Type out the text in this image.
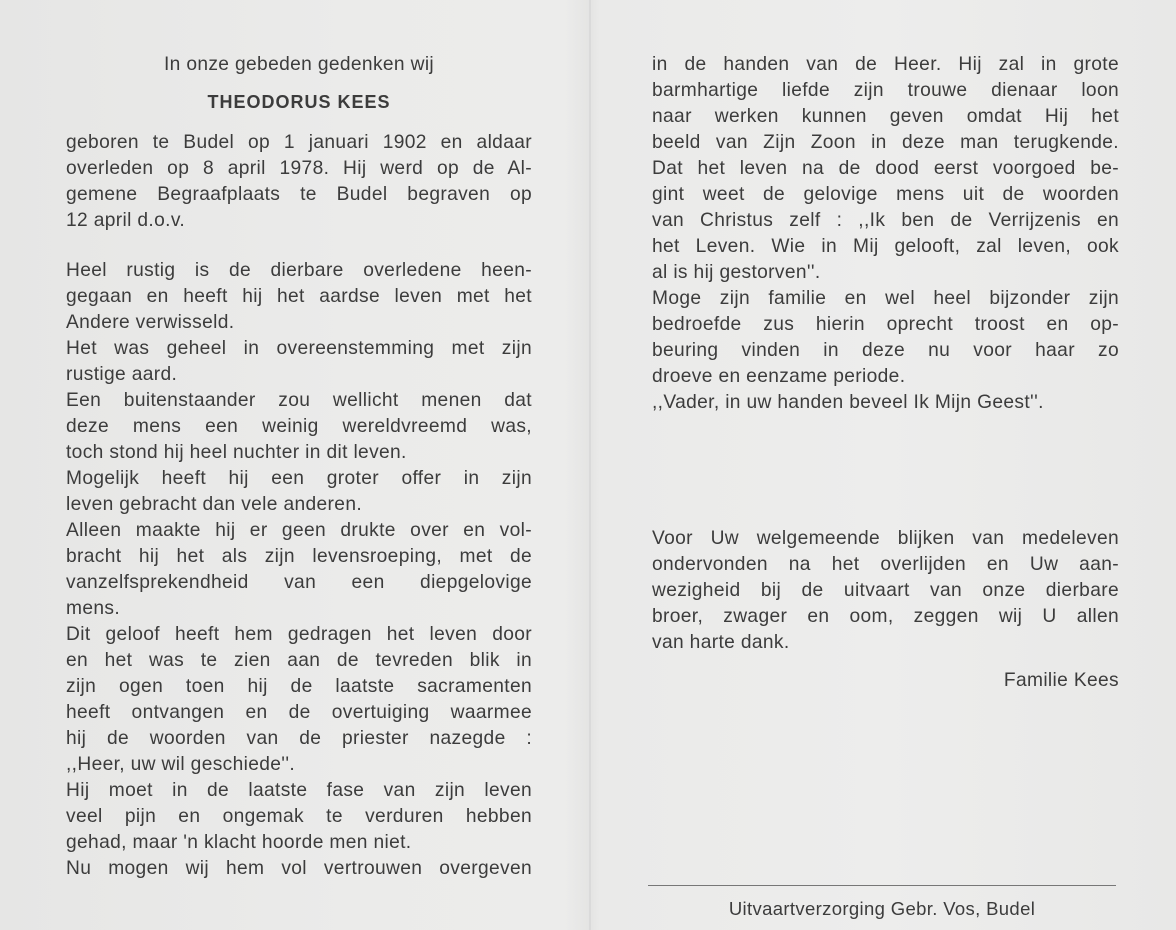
In onze gebeden gedenken wij
THEODORUS KEES
geboren te Budel op 1 januari 1902 en aldaar
overleden op 8 april 1978. Hij werd op de Al-
gemene Begraafplaats te Budel begraven op
12 april d.o.v.
Heel rustig is de dierbare overledene heen-
gegaan en heeft hij het aardse leven met het
Andere verwisseld.
Het was geheel in overeenstemming met zijn
rustige aard.
Een buitenstaander zou wellicht menen dat
deze mens een weinig wereldvreemd was,
toch stond hij heel nuchter in dit leven.
Mogelijk heeft hij een groter offer in zijn
leven gebracht dan vele anderen.
Alleen maakte hij er geen drukte over en vol-
bracht hij het als zijn levensroeping, met de
vanzelfsprekendheid van een diepgelovige
mens.
Dit geloof heeft hem gedragen het leven door
en het was te zien aan de tevreden blik in
zijn ogen toen hij de laatste sacramenten
heeft ontvangen en de overtuiging waarmee
hij de woorden van de priester nazegde :
,,Heer, uw wil geschiede''.
Hij moet in de laatste fase van zijn leven
veel pijn en ongemak te verduren hebben
gehad, maar 'n klacht hoorde men niet.
Nu mogen wij hem vol vertrouwen overgeven
in de handen van de Heer. Hij zal in grote
barmhartige liefde zijn trouwe dienaar loon
naar werken kunnen geven omdat Hij het
beeld van Zijn Zoon in deze man terugkende.
Dat het leven na de dood eerst voorgoed be-
gint weet de gelovige mens uit de woorden
van Christus zelf : ,,Ik ben de Verrijzenis en
het Leven. Wie in Mij gelooft, zal leven, ook
al is hij gestorven''.
Moge zijn familie en wel heel bijzonder zijn
bedroefde zus hierin oprecht troost en op-
beuring vinden in deze nu voor haar zo
droeve en eenzame periode.
,,Vader, in uw handen beveel Ik Mijn Geest''.
Voor Uw welgemeende blijken van medeleven
ondervonden na het overlijden en Uw aan-
wezigheid bij de uitvaart van onze dierbare
broer, zwager en oom, zeggen wij U allen
van harte dank.
Familie Kees
Uitvaartverzorging Gebr. Vos, Budel
